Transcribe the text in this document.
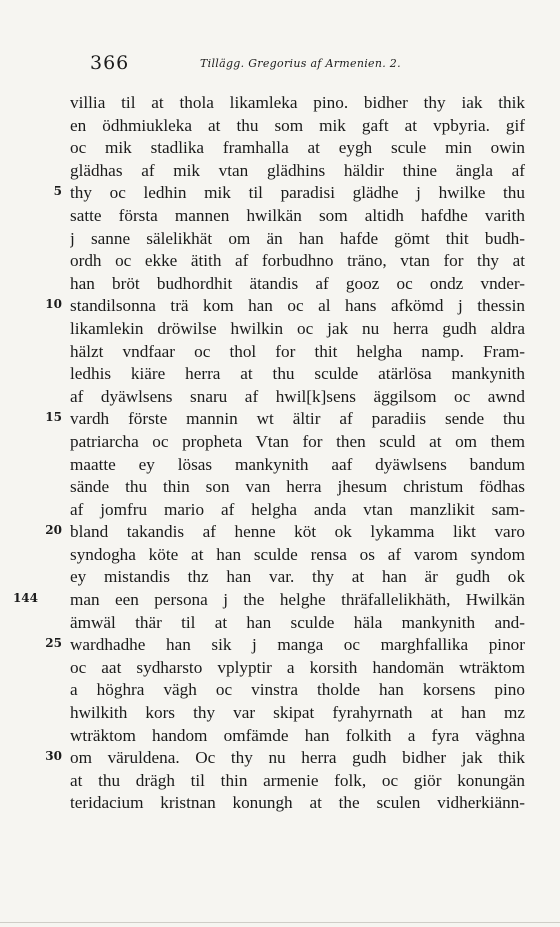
366	Tillägg. Gregorius af Armenien. 2.
villia til at thola likamleka pino. bidher thy iak thik
en ödhmiukleka at thu som mik gaft at vpbyria. gif
oc mik stadlika framhalla at eygh scule min owin
glädhas af mik vtan glädhins häldir thine ängla af
5 thy oc ledhin mik til paradisi glädhe j hwilke thu
satte första mannen hwilkän som altidh hafdhe varith
j sanne sälelikhät om än han hafde gömt thit budh-
ordh oc ekke ätith af forbudhno träno, vtan for thy at
han bröt budhordhit ätandis af gooz oc ondz vnder-
10 standilsonna trä kom han oc al hans afkömd j thessin
likamlekin dröwilse hwilkin oc jak nu herra gudh aldra
hälzt vndfaar oc thol for thit helgha namp. Fram-
ledhis kiäre herra at thu sculde atärlösa mankynith
af dyäwlsens snaru af hwil[k]sens äggilsom oc awnd
15 vardh förste mannin wt ältir af paradiis sende thu
patriarcha oc propheta Vtan for then sculd at om them
maatte ey lösas mankynith aaf dyäwlsens bandum
sände thu thin son van herra jhesum christum födhas
af jomfru mario af helgha anda vtan manzlikit sam-
20 bland takandis af henne köt ok lykamma likt varo
syndogha köte at han sculde rensa os af varom syndom
ey mistandis thz han var. thy at han är gudh ok
144 man een persona j the helghe thräfallelikhäth, Hwilkän
ämwäl thär til at han sculde häla mankynith and-
25 wardhadhe han sik j manga oc marghfallika pinor
oc aat sydharsto vplyptir a korsith handomän wträktom
a höghra vägh oc vinstra tholde han korsens pino
hwilkith kors thy var skipat fyrahyrnath at han mz
wträktom handom omfämde han folkith a fyra väghna
30 om väruldena. Oc thy nu herra gudh bidher jak thik
at thu drägh til thin armenie folk, oc giör konungän
teridacium kristnan konungh at the sculen vidherkiänn-
